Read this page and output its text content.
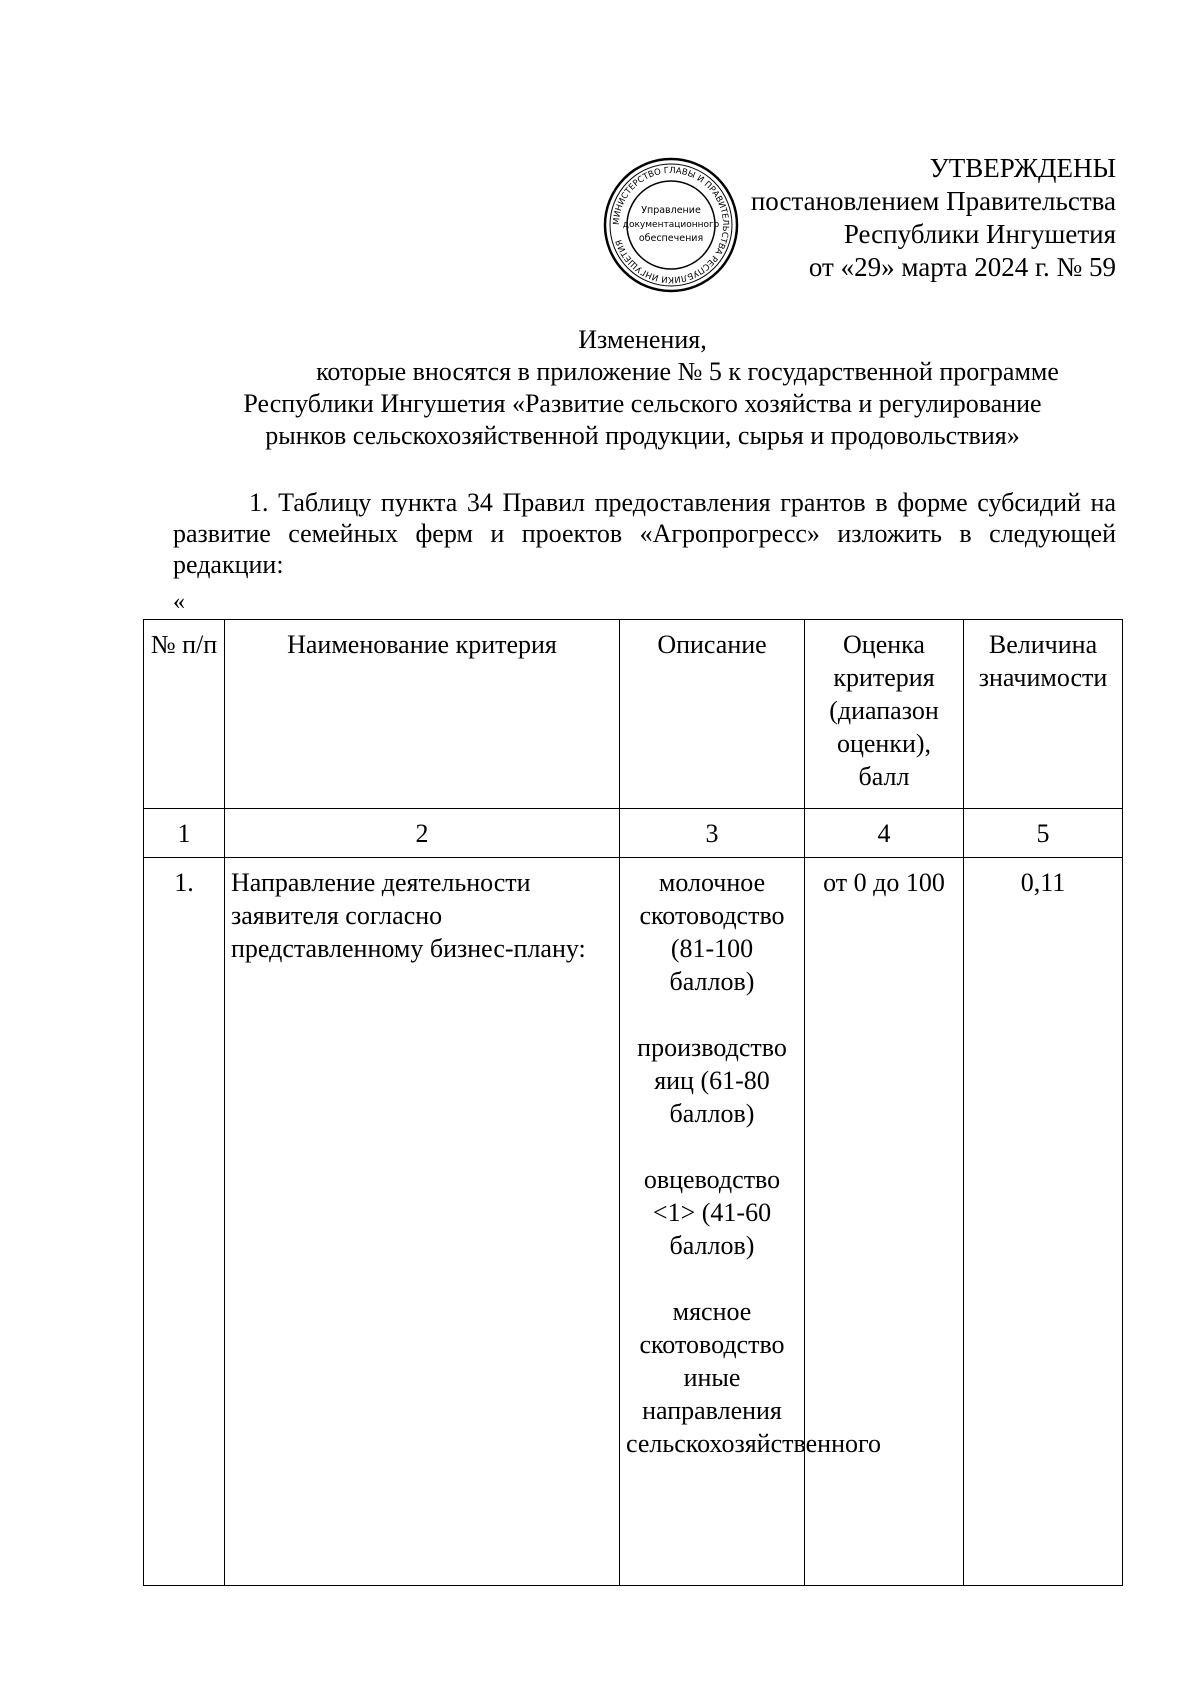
МИНИСТЕРСТВО ГЛАВЫ И ПРАВИТЕЛЬСТВА РЕСПУБЛИКИ ИНГУШЕТИЯ
Управление
документационного
обеспечения
УТВЕРЖДЕНЫ
постановлением Правительства
Республики Ингушетия
от «29» марта 2024 г. № 59
Изменения,
которые вносятся в приложение № 5 к государственной программе
Республики Ингушетия «Развитие сельского хозяйства и регулирование
рынков сельскохозяйственной продукции, сырья и продовольствия»
1. Таблицу пункта 34 Правил предоставления грантов в форме субсидий на развитие семейных ферм и проектов «Агропрогресс» изложить в следующей редакции:
«
№ п/п	Наименование критерия	Описание	Оценка критерия (диапазон оценки), балл	Величина значимости
1	2	3	4	5
1.	Направление деятельности заявителя согласно представленному бизнес-плану:	молочное скотоводство (81-100 баллов)
производство яиц (61-80 баллов)
овцеводство <1> (41-60 баллов)
мясное скотоводство иные направления сельскохозяйственного	от 0 до 100	0,11
